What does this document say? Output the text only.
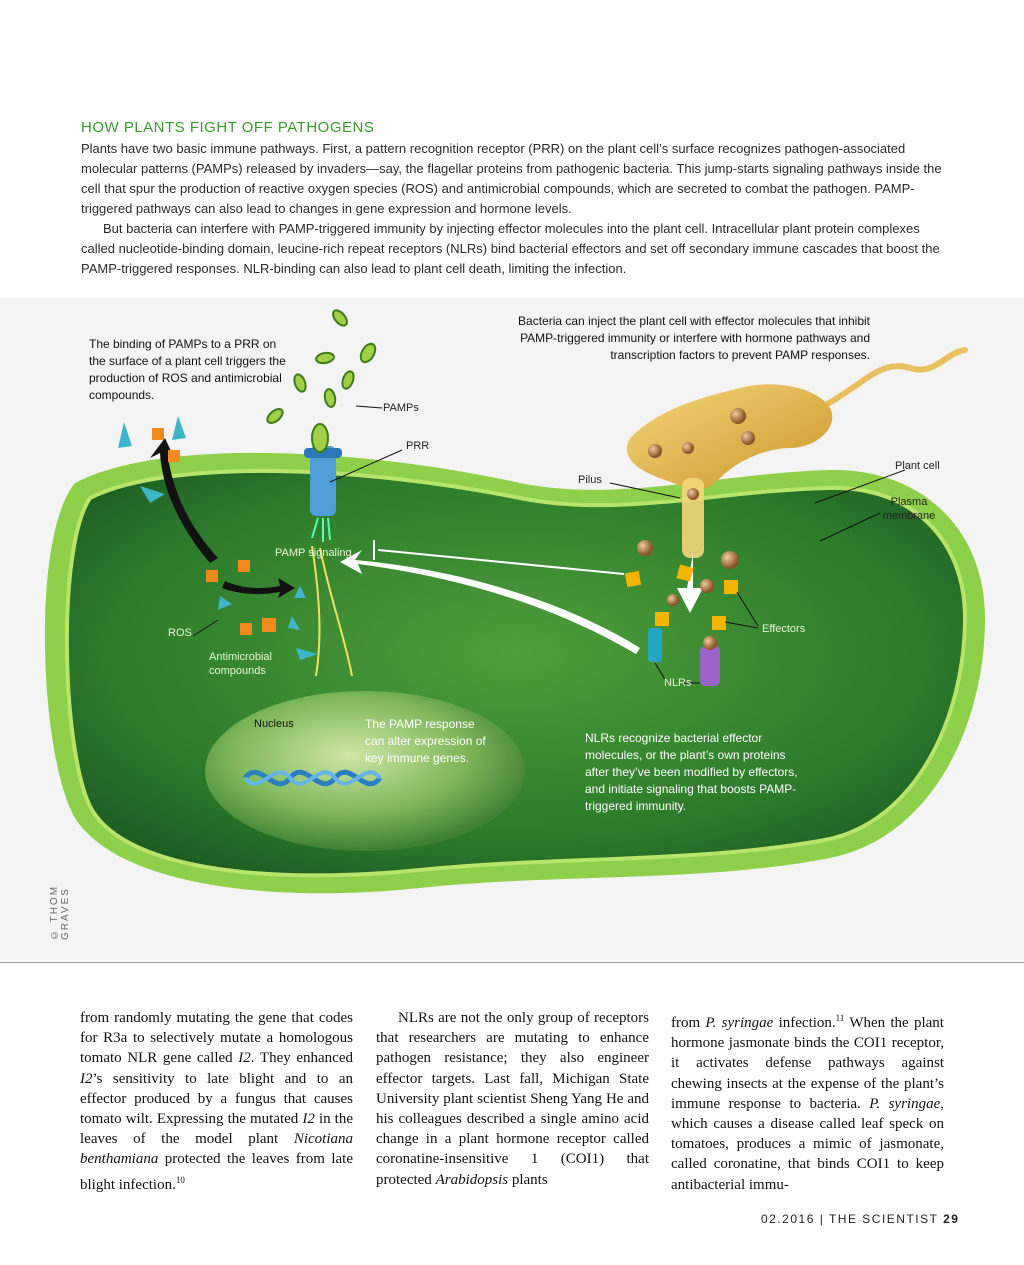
HOW PLANTS FIGHT OFF PATHOGENS

Plants have two basic immune pathways. First, a pattern recognition receptor (PRR) on the plant cell’s surface recognizes pathogen-associated molecular patterns (PAMPs) released by invaders—say, the flagellar proteins from pathogenic bacteria. This jump-starts signaling pathways inside the cell that spur the production of reactive oxygen species (ROS) and antimicrobial compounds, which are secreted to combat the pathogen. PAMP-triggered pathways can also lead to changes in gene expression and hormone levels.

But bacteria can interfere with PAMP-triggered immunity by injecting effector molecules into the plant cell. Intracellular plant protein complexes called nucleotide-binding domain, leucine-rich repeat receptors (NLRs) bind bacterial effectors and set off secondary immune cascades that boost the PAMP-triggered responses. NLR-binding can also lead to plant cell death, limiting the infection.

The binding of PAMPs to a PRR on the surface of a plant cell triggers the production of ROS and antimicrobial compounds.
Bacteria can inject the plant cell with effector molecules that inhibit PAMP-triggered immunity or interfere with hormone pathways and transcription factors to prevent PAMP responses.
PAMPs
PRR
Pilus
Plant cell
Plasma membrane
PAMP signaling
Effectors
ROS
Antimicrobial compounds
NLRs
Nucleus	The PAMP response can alter expression of key immune genes.
NLRs recognize bacterial effector molecules, or the plant’s own proteins after they’ve been modified by effectors, and initiate signaling that boosts PAMP-triggered immunity.
© THOM GRAVES

from randomly mutating the gene that codes for R3a to selectively mutate a homologous tomato NLR gene called I2. They enhanced I2’s sensitivity to late blight and to an effector produced by a fungus that causes tomato wilt. Expressing the mutated I2 in the leaves of the model plant Nicotiana benthamiana protected the leaves from late blight infection.$^{10}$

NLRs are not the only group of receptors that researchers are mutating to enhance pathogen resistance; they also engineer effector targets. Last fall, Michigan State University plant scientist Sheng Yang He and his colleagues described a single amino acid change in a plant hormone receptor called coronatine-insensitive 1 (COI1) that protected Arabidopsis plants

from P. syringae infection.$^{11}$ When the plant hormone jasmonate binds the COI1 receptor, it activates defense pathways against chewing insects at the expense of the plant’s immune response to bacteria. P. syringae, which causes a disease called leaf speck on tomatoes, produces a mimic of jasmonate, called coronatine, that binds COI1 to keep antibacterial immu-

02.2016 | THE SCIENTIST 29
